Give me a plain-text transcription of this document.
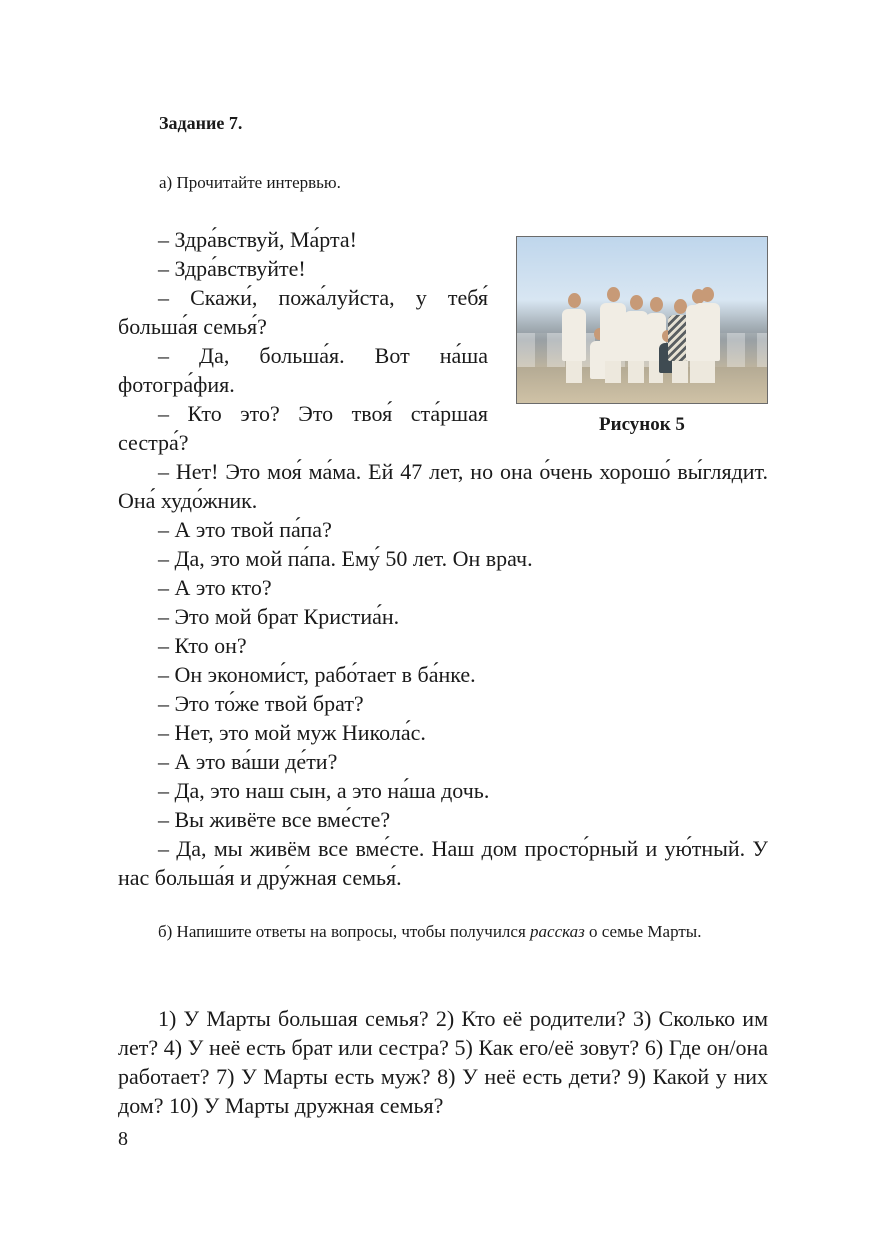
Задание 7.
а) Прочитайте интервью.
Рисунок 5

– Здра́вствуй, Ма́рта!

– Здра́вствуйте!

– Скажи́, пожа́луйста, у тебя́ больша́я семья́?

– Да, больша́я. Вот на́ша фотогра́фия.

– Кто это? Это твоя́ ста́ршая сестра́?

– Нет! Это моя́ ма́ма. Ей 47 лет, но она о́чень хорошо́ вы́глядит. Она́ худо́жник.

– А это твой па́па?

– Да, это мой па́па. Ему́ 50 лет. Он врач.

– А это кто?

– Это мой брат Кристиа́н.

– Кто он?

– Он экономи́ст, рабо́тает в ба́нке.

– Это то́же твой брат?

– Нет, это мой муж Никола́с.

– А это ва́ши де́ти?

– Да, это наш сын, а это на́ша дочь.

– Вы живёте все вме́сте?

– Да, мы живём все вме́сте. Наш дом просто́рный и ую́тный. У нас больша́я и дру́жная семья́.

б) Напишите ответы на вопросы, чтобы получился рассказ о семье Марты.
1) У Марты большая семья? 2) Кто её родители? 3) Сколько им лет? 4) У неё есть брат или сестра? 5) Как его/её зовут? 6) Где он/она работает? 7) У Марты есть муж? 8) У неё есть дети? 9) Какой у них дом? 10) У Марты дружная семья?
8
